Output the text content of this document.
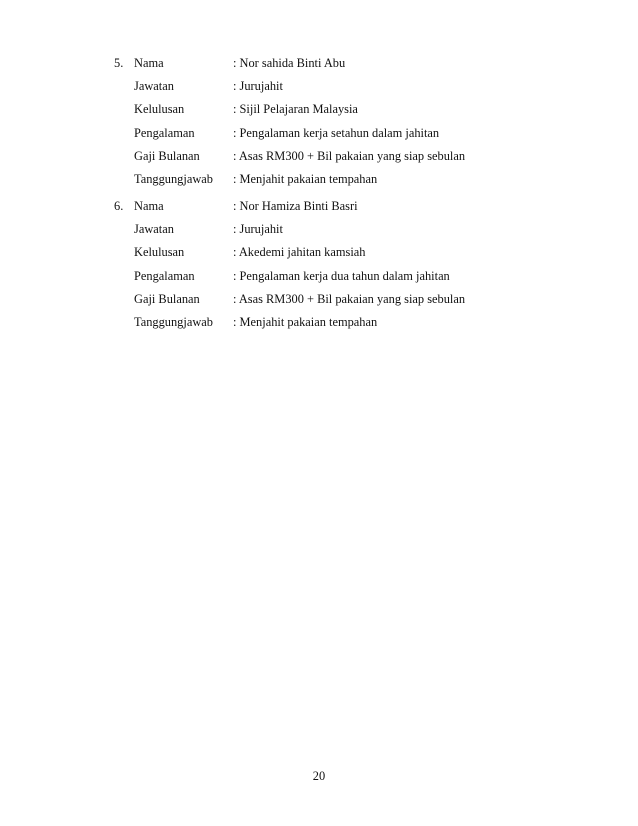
5. Nama	: Nor sahida Binti Abu
Jawatan	: Jurujahit
Kelulusan	: Sijil Pelajaran Malaysia
Pengalaman	: Pengalaman kerja setahun dalam jahitan
Gaji Bulanan	: Asas RM300 + Bil pakaian yang siap sebulan
Tanggungjawab : Menjahit pakaian tempahan
6. Nama	: Nor Hamiza Binti Basri
Jawatan	: Jurujahit
Kelulusan	: Akedemi jahitan kamsiah
Pengalaman	: Pengalaman kerja dua tahun dalam jahitan
Gaji Bulanan	: Asas RM300 + Bil pakaian yang siap sebulan
Tanggungjawab : Menjahit pakaian tempahan
20
